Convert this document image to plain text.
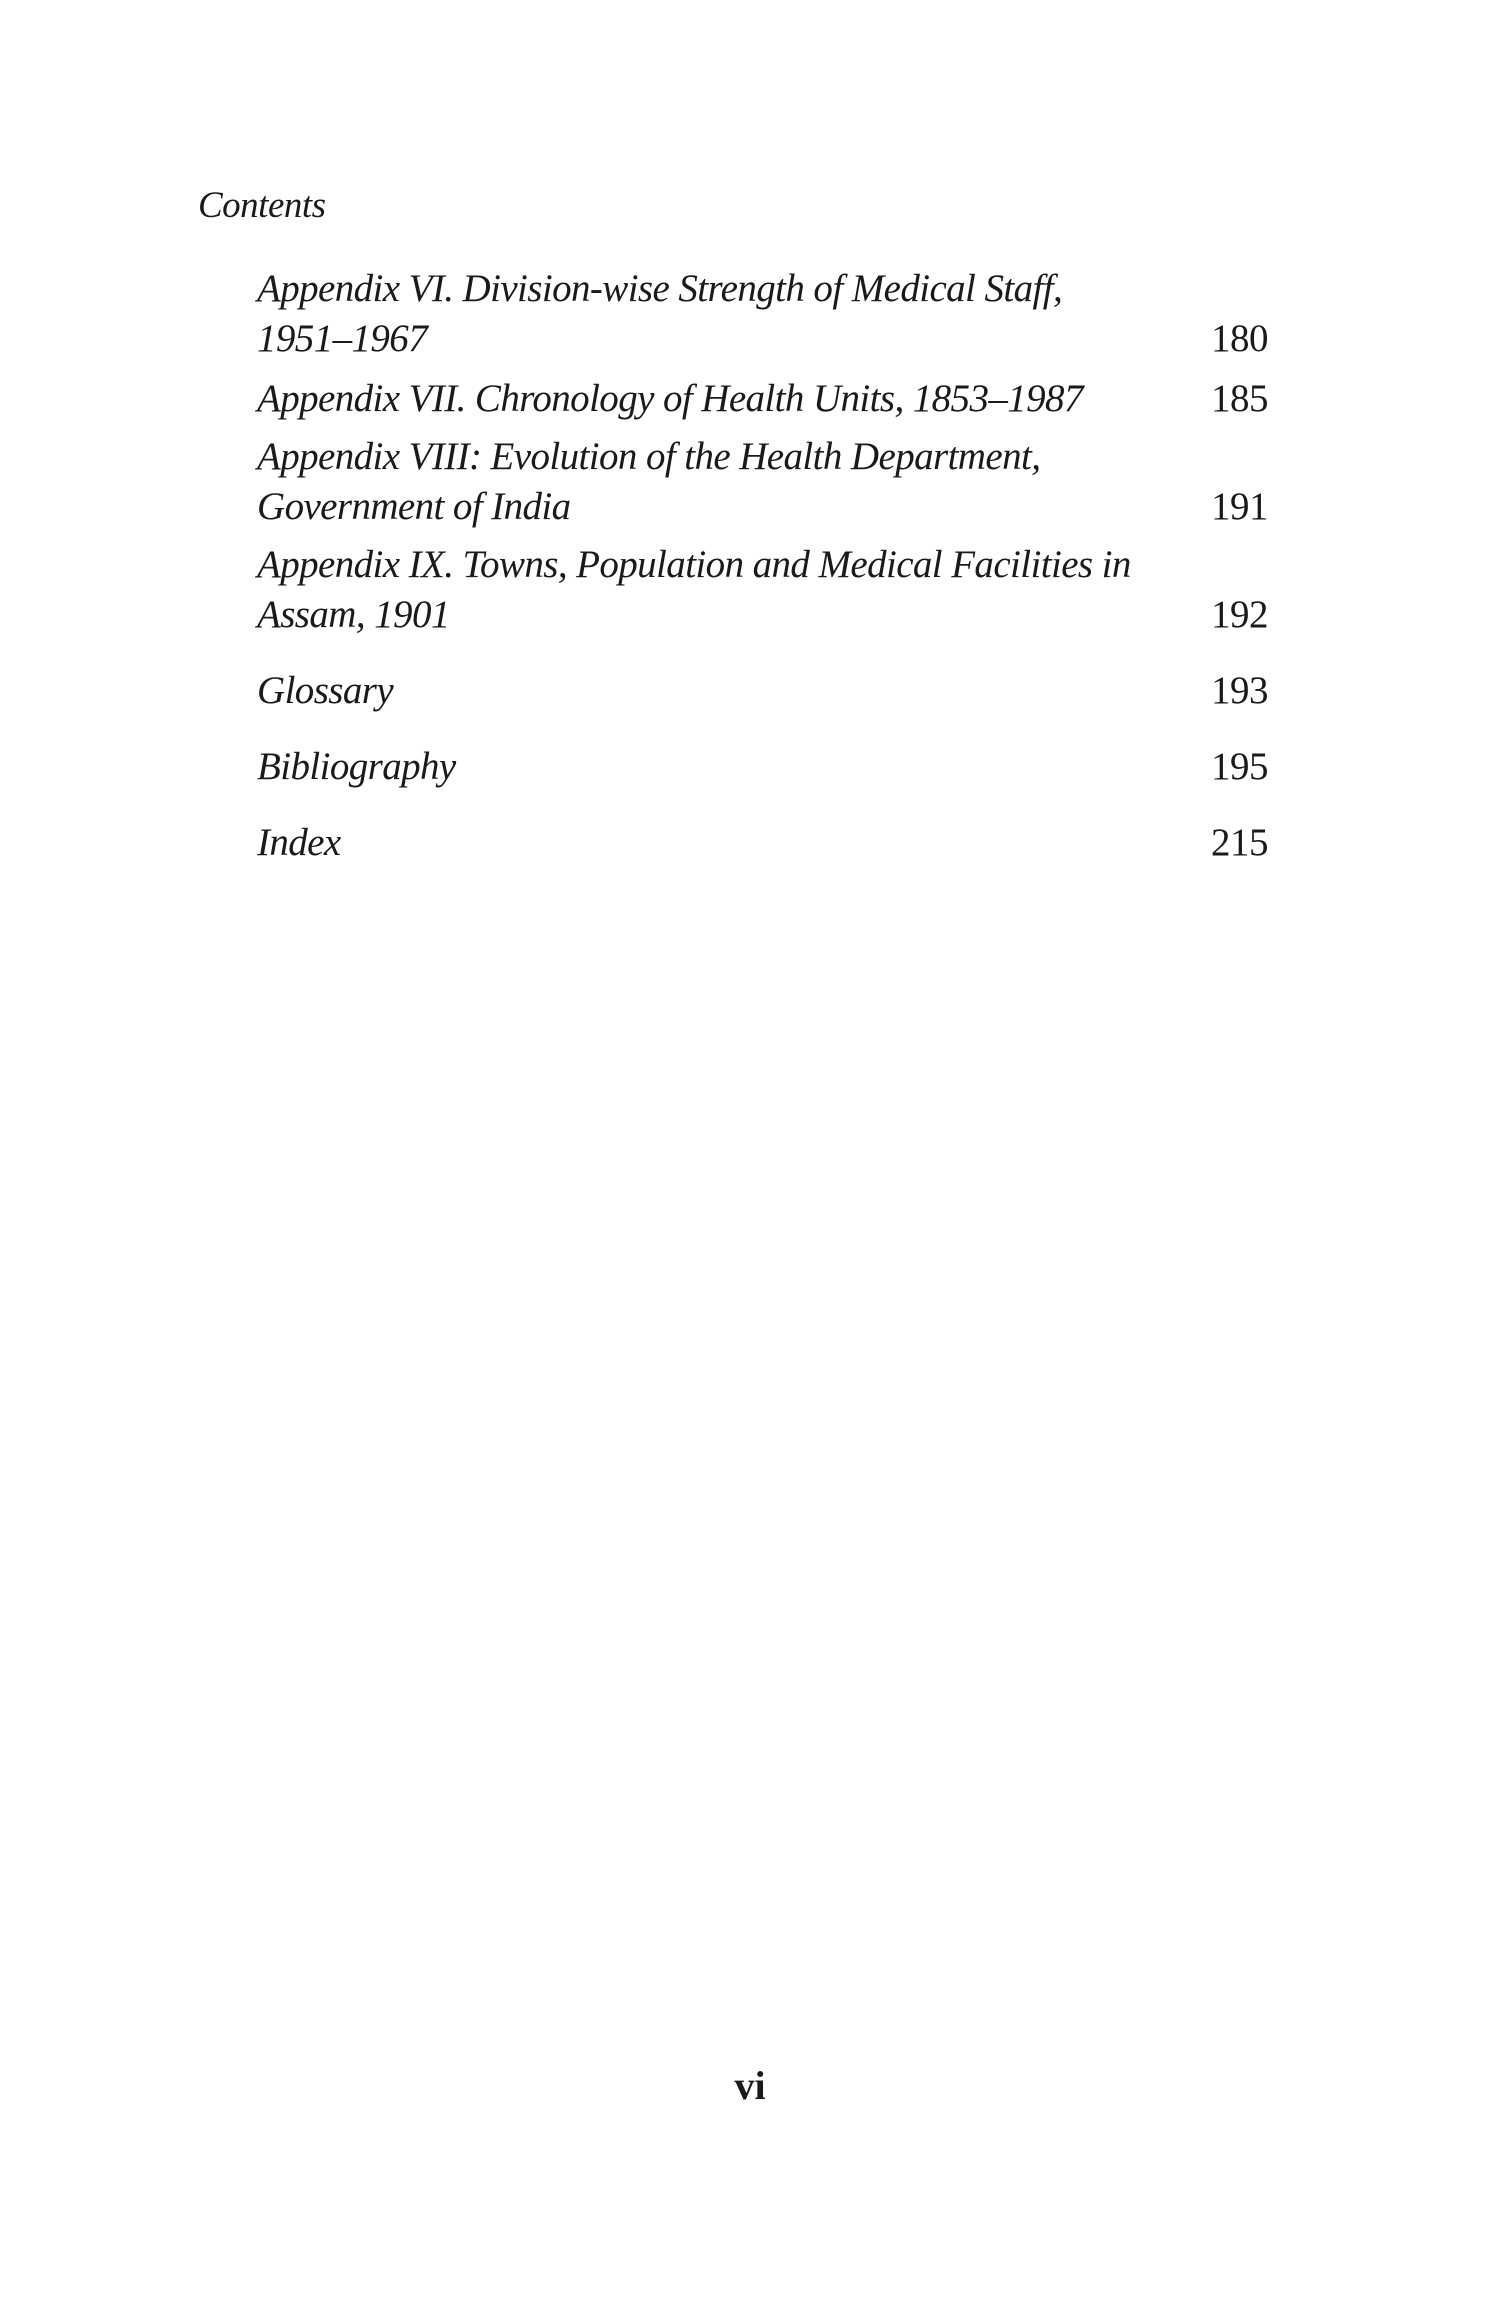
Contents
Appendix VI. Division-wise Strength of Medical Staff, 1951–1967	180
Appendix VII. Chronology of Health Units, 1853–1987	185
Appendix VIII: Evolution of the Health Department, Government of India	191
Appendix IX. Towns, Population and Medical Facilities in Assam, 1901	192
Glossary	193
Bibliography	195
Index	215
vi
